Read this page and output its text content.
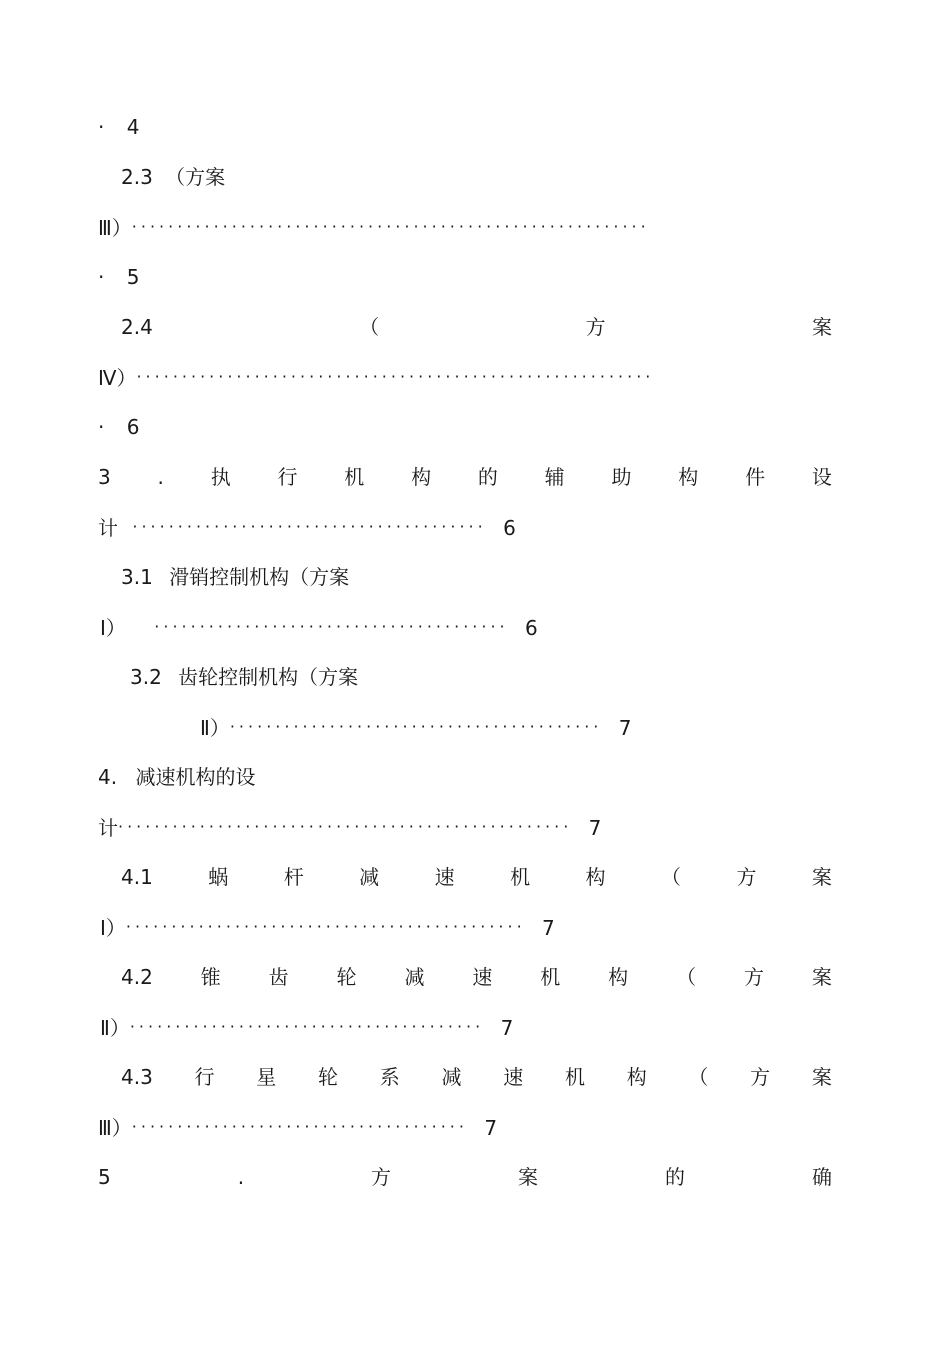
· 4
2.3 （方案
Ⅲ）·························································
· 5
2.4	（	方	案
Ⅳ）·························································
· 6
3 . 执 行 机 构 的 辅 助 构 件 设
计 ······································· 6
3.1 滑销控制机构（方案
Ⅰ） ······································· 6
3.2 齿轮控制机构（方案
Ⅱ）········································· 7
4. 减速机构的设
计·················································· 7
4.1	蜗	杆	减	速	机	构	（	方	案
Ⅰ）············································ 7
4.2 锥 齿 轮 减 速 机 构 （ 方 案
Ⅱ）······································· 7
4.3 行 星 轮 系 减 速 机 构 （ 方 案
Ⅲ）····································· 7
5	.	方	案	的	确
